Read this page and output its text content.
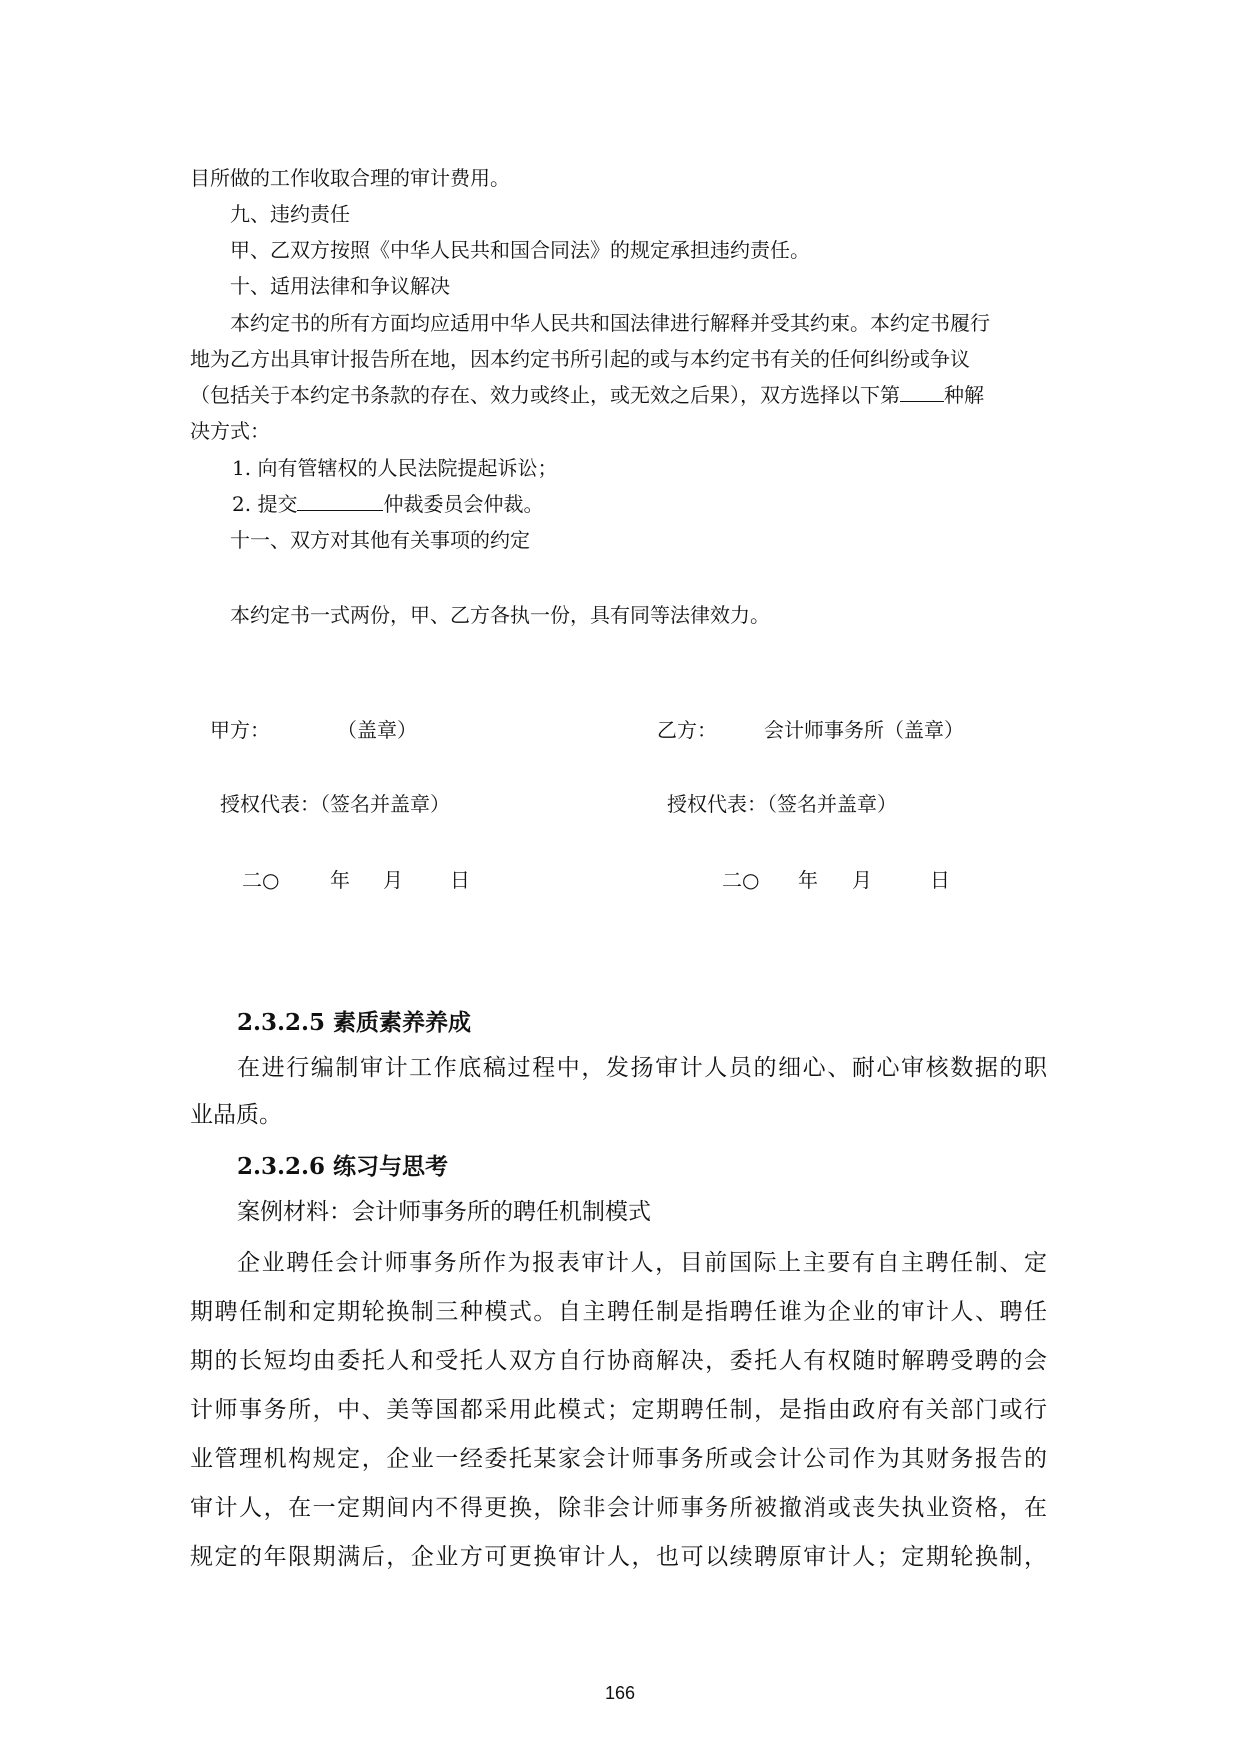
目所做的工作收取合理的审计费用。
九、违约责任
甲、乙双方按照《中华人民共和国合同法》的规定承担违约责任。
十、适用法律和争议解决
本约定书的所有方面均应适用中华人民共和国法律进行解释并受其约束。本约定书履行
地为乙方出具审计报告所在地，因本约定书所引起的或与本约定书有关的任何纠纷或争议
（包括关于本约定书条款的存在、效力或终止，或无效之后果），双方选择以下第 种解
决方式：
1. 向有管辖权的人民法院提起诉讼；
2. 提交	仲裁委员会仲裁。
十一、双方对其他有关事项的约定
本约定书一式两份，甲、乙方各执一份，具有同等法律效力。
甲方：	（盖章）	乙方： 会计师事务所（盖章）
授权代表：（签名并盖章）	授权代表：（签名并盖章）
二○	年 月 日	二○ 年 月	日
2.3.2.5 素质素养养成
在进行编制审计工作底稿过程中，发扬审计人员的细心、耐心审核数据的职
业品质。
2.3.2.6 练习与思考
案例材料：会计师事务所的聘任机制模式
企业聘任会计师事务所作为报表审计人，目前国际上主要有自主聘任制、定
期聘任制和定期轮换制三种模式。自主聘任制是指聘任谁为企业的审计人、聘任
期的长短均由委托人和受托人双方自行协商解决，委托人有权随时解聘受聘的会
计师事务所，中、美等国都采用此模式；定期聘任制，是指由政府有关部门或行
业管理机构规定，企业一经委托某家会计师事务所或会计公司作为其财务报告的
审计人，在一定期间内不得更换，除非会计师事务所被撤消或丧失执业资格，在
规定的年限期满后，企业方可更换审计人，也可以续聘原审计人；定期轮换制，
166
